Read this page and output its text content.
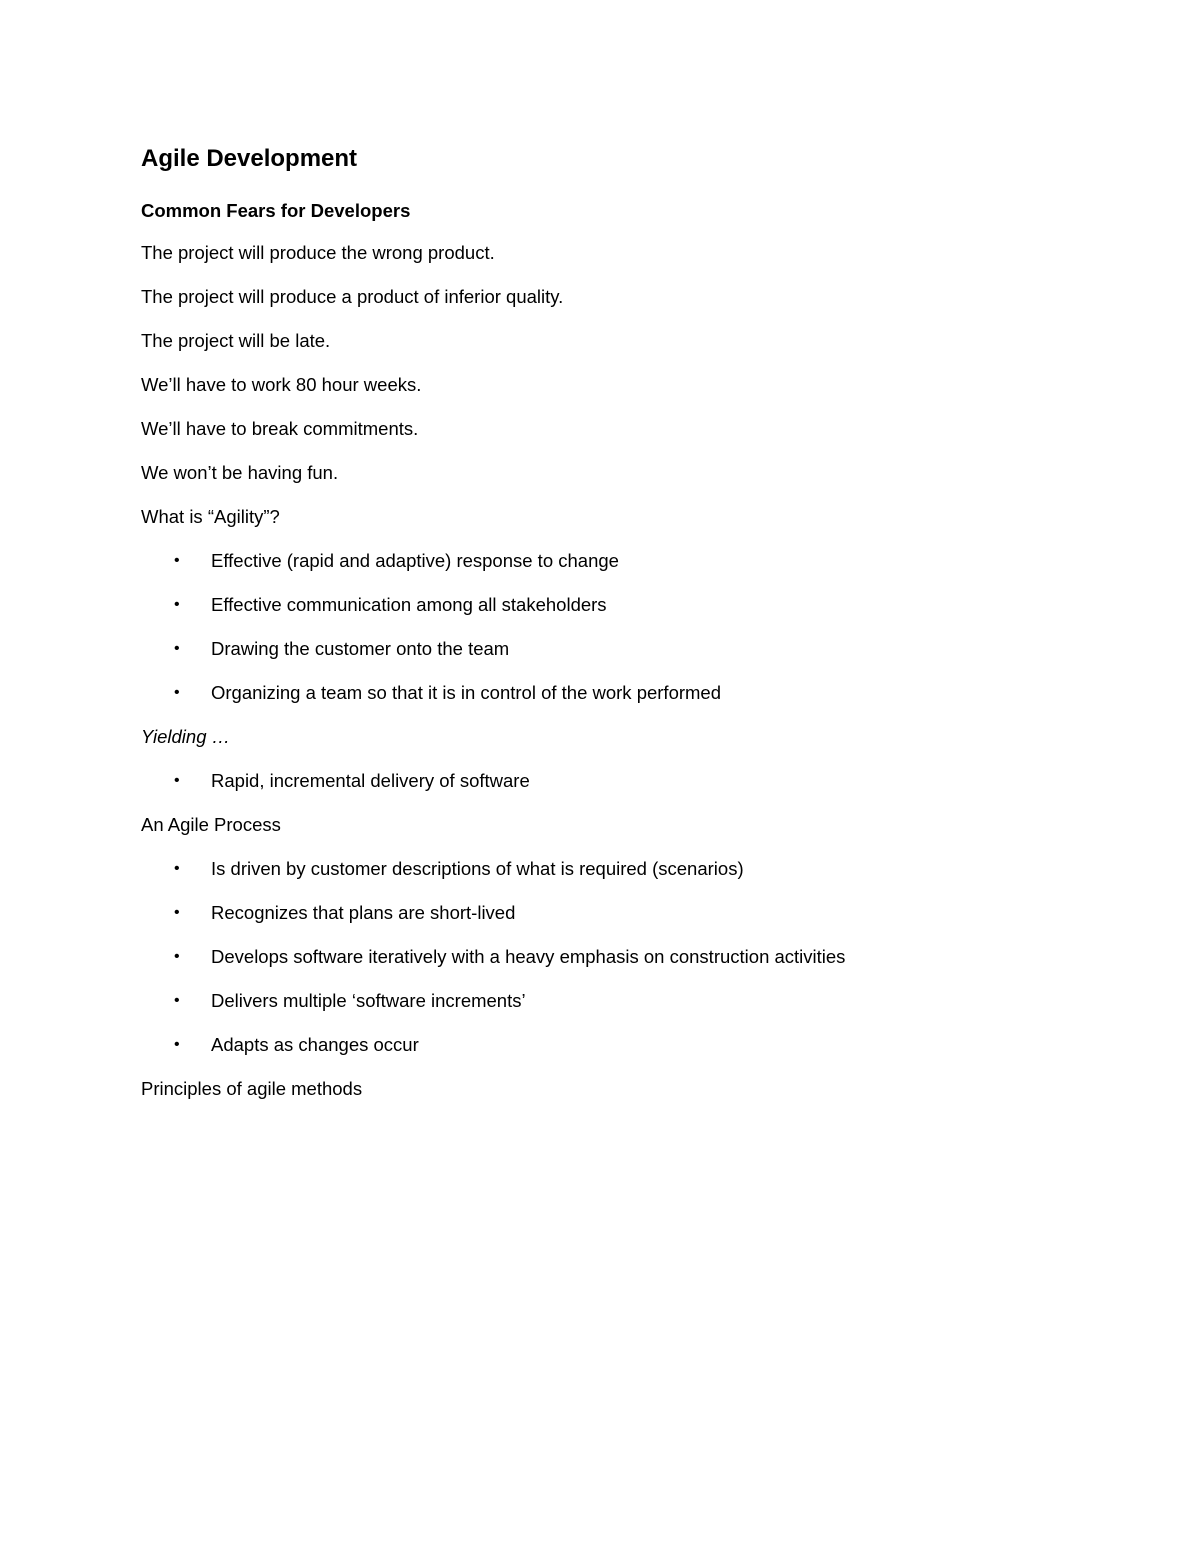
Agile Development
Common Fears for Developers

The project will produce the wrong product.

The project will produce a product of inferior quality.

The project will be late.

We’ll have to work 80 hour weeks.

We’ll have to break commitments.

We won’t be having fun.

What is “Agility”?

• Effective (rapid and adaptive) response to change
• Effective communication among all stakeholders
• Drawing the customer onto the team
• Organizing a team so that it is in control of the work performed

Yielding …

• Rapid, incremental delivery of software

An Agile Process

• Is driven by customer descriptions of what is required (scenarios)
• Recognizes that plans are short-lived
• Develops software iteratively with a heavy emphasis on construction activities
• Delivers multiple ‘software increments’
• Adapts as changes occur

Principles of agile methods
